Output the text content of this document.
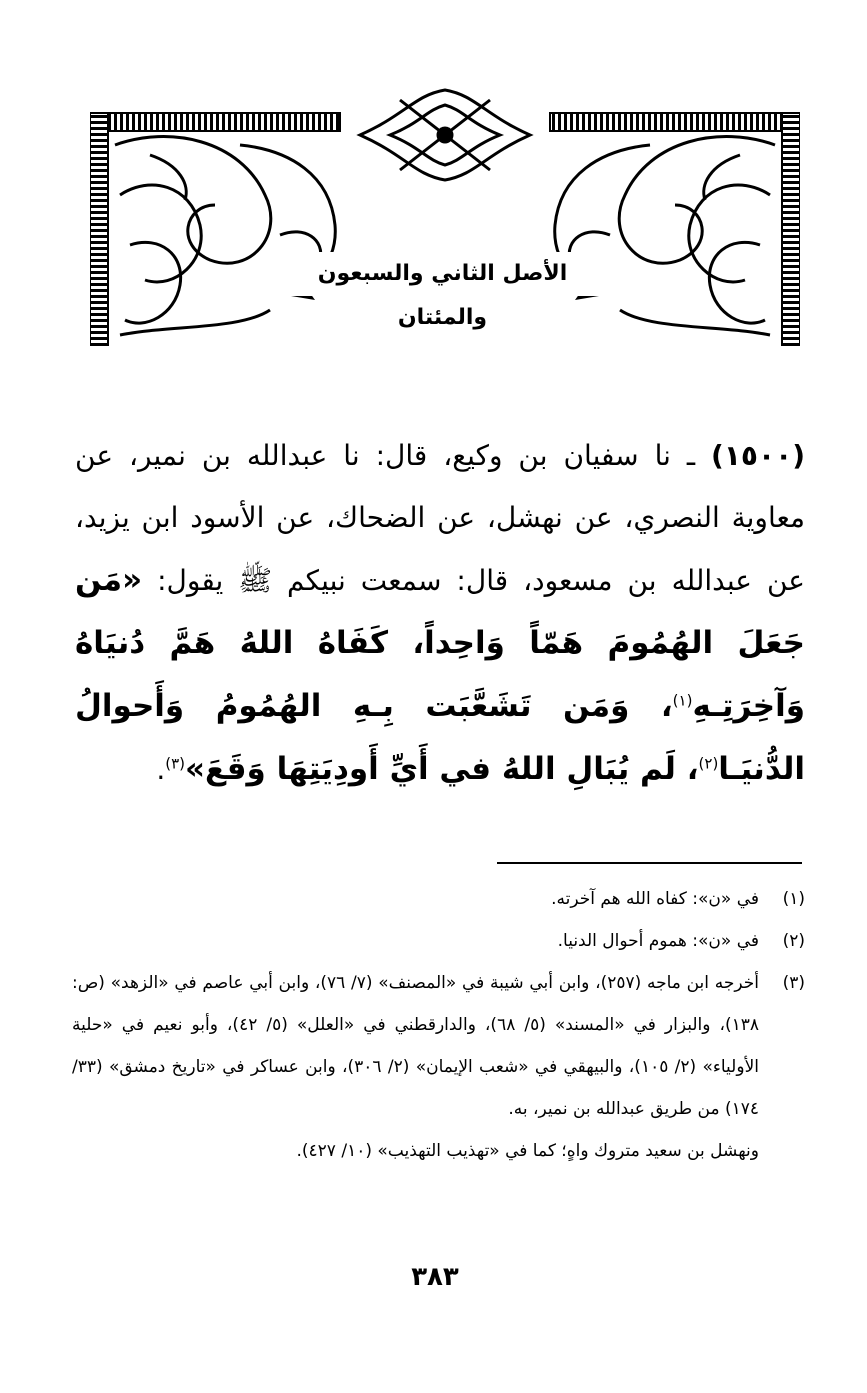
الأصل الثاني والسبعون والمئتان
(١٥٠٠) ـ نا سفيان بن وكيع، قال: نا عبدالله بن نمير، عن معاوية النصري، عن نهشل، عن الضحاك، عن الأسود ابن يزيد، عن عبدالله بن مسعود، قال: سمعت نبيكم ﷺ يقول: «مَن جَعَلَ الهُمُومَ هَمّاً وَاحِداً، كَفَاهُ اللهُ هَمَّ دُنيَاهُ وَآخِرَتِـهِ$^{(١)}$، وَمَن تَشَعَّبَت بِـهِ الهُمُومُ وَأَحوالُ الدُّنيَـا$^{(٢)}$، لَم يُبَالِ اللهُ في أَيِّ أَودِيَتِهَا وَقَعَ»$^{(٣)}$.
(١)

في «ن»: كفاه الله هم آخرته.

(٢)

في «ن»: هموم أحوال الدنيا.

(٣)

أخرجه ابن ماجه (٢٥٧)، وابن أبي شيبة في «المصنف» (٧/ ٧٦)، وابن أبي عاصم في «الزهد» (ص: ١٣٨)، والبزار في «المسند» (٥/ ٦٨)، والدارقطني في «العلل» (٥/ ٤٢)، وأبو نعيم في «حلية الأولياء» (٢/ ١٠٥)، والبيهقي في «شعب الإيمان» (٢/ ٣٠٦)، وابن عساكر في «تاريخ دمشق» (٣٣/ ١٧٤) من طريق عبدالله بن نمير، به.

ونهشل بن سعيد متروك واهٍ؛ كما في «تهذيب التهذيب» (١٠/ ٤٢٧).

٣٨٣
